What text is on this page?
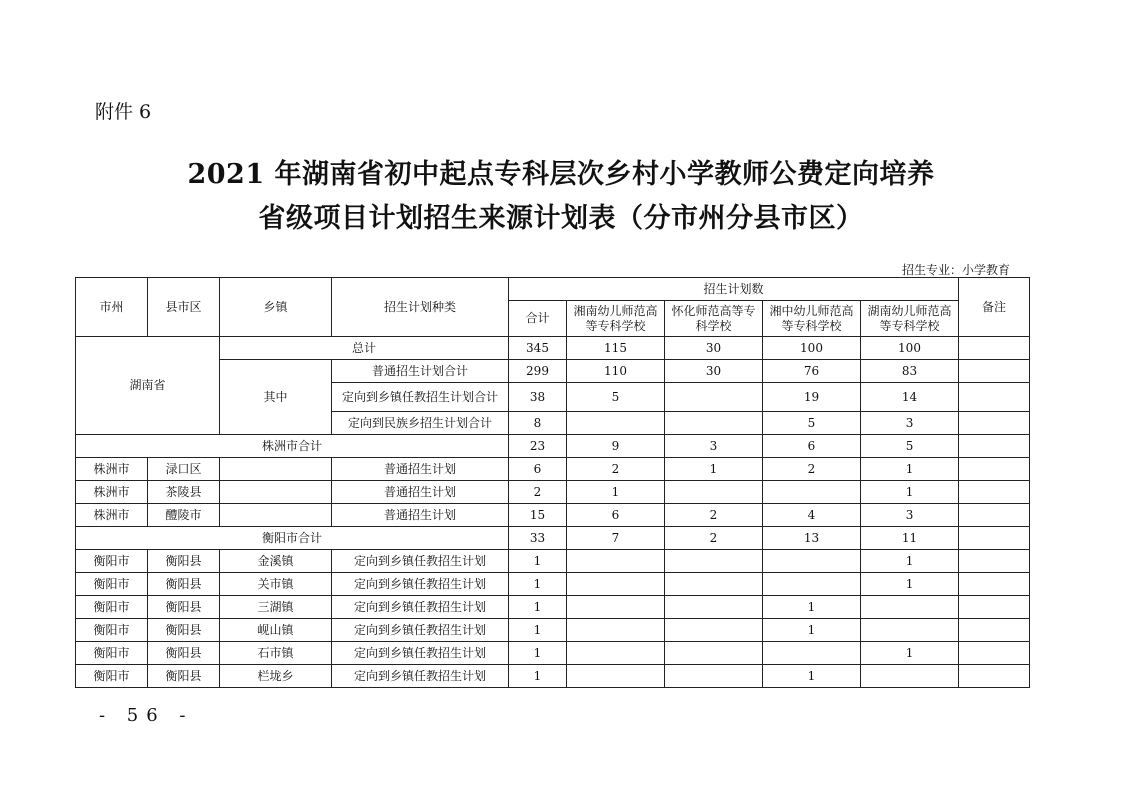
附件 6
2021 年湖南省初中起点专科层次乡村小学教师公费定向培养
省级项目计划招生来源计划表（分市州分县市区）
招生专业：小学教育
市州	县市区	乡镇	招生计划种类	招生计划数					备注
				合计	湘南幼儿师范高等专科学校	怀化师范高等专科学校	湘中幼儿师范高等专科学校	湖南幼儿师范高等专科学校	
湖南省		总计		345	115	30	100	100	
		其中	普通招生计划合计	299	110	30	76	83	
			定向到乡镇任教招生计划合计	38	5		19	14	
			定向到民族乡招生计划合计	8			5	3	
株洲市合计				23	9	3	6	5	
株洲市	渌口区		普通招生计划	6	2	1	2	1	
株洲市	茶陵县		普通招生计划	2	1			1	
株洲市	醴陵市		普通招生计划	15	6	2	4	3	
衡阳市合计				33	7	2	13	11	
衡阳市	衡阳县	金溪镇	定向到乡镇任教招生计划	1				1	
衡阳市	衡阳县	关市镇	定向到乡镇任教招生计划	1				1	
衡阳市	衡阳县	三湖镇	定向到乡镇任教招生计划	1			1		
衡阳市	衡阳县	岘山镇	定向到乡镇任教招生计划	1			1		
衡阳市	衡阳县	石市镇	定向到乡镇任教招生计划	1				1	
衡阳市	衡阳县	栏垅乡	定向到乡镇任教招生计划	1			1		
- 56 -
